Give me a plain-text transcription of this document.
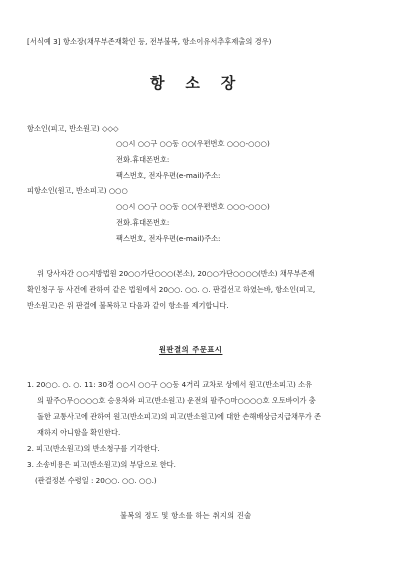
[서식예 3] 항소장(채무부존재확인 등, 전부불복, 항소이유서추후제출의 경우)
항    소    장
항소인(피고, 반소원고) ◇◇◇
○○시 ○○구 ○○동 ○○(우편번호 ○○○-○○○)
전화.휴대폰번호:
팩스번호, 전자우편(e-mail)주소:
피항소인(원고, 반소피고) ○○○
○○시 ○○구 ○○동 ○○(우편번호 ○○○-○○○)
전화.휴대폰번호:
팩스번호, 전자우편(e-mail)주소:
위 당사자간 ○○지방법원 20○○가단○○○(본소), 20○○가단○○○○(반소) 채무부존재
확인청구 등 사건에 관하여 같은 법원에서 20○○. ○○. ○. 판결선고 하였는바, 항소인(피고,
반소원고)은 위 판결에 불복하고 다음과 같이 항소를 제기합니다.
원판결의 주문표시
1. 20○○. ○. ○. 11: 30경 ○○시 ○○구 ○○동 4거리 교차로 상에서 원고(반소피고) 소유
의 팔주○무○○○○호 승용차와 피고(반소원고) 운전의 팔주○마○○○○호 오토바이가 충
돌한 교통사고에 관하여 원고(반소피고)의 피고(반소원고)에 대한 손해배상금지급채무가 존
재하지 아니함을 확인한다.
2. 피고(반소원고)의 반소청구를 기각한다.
3. 소송비용은 피고(반소원고)의 부담으로 한다.
(판결정본 수령일 : 20○○. ○○. ○○.)
불복의 정도 및 항소를 하는 취지의 진술
